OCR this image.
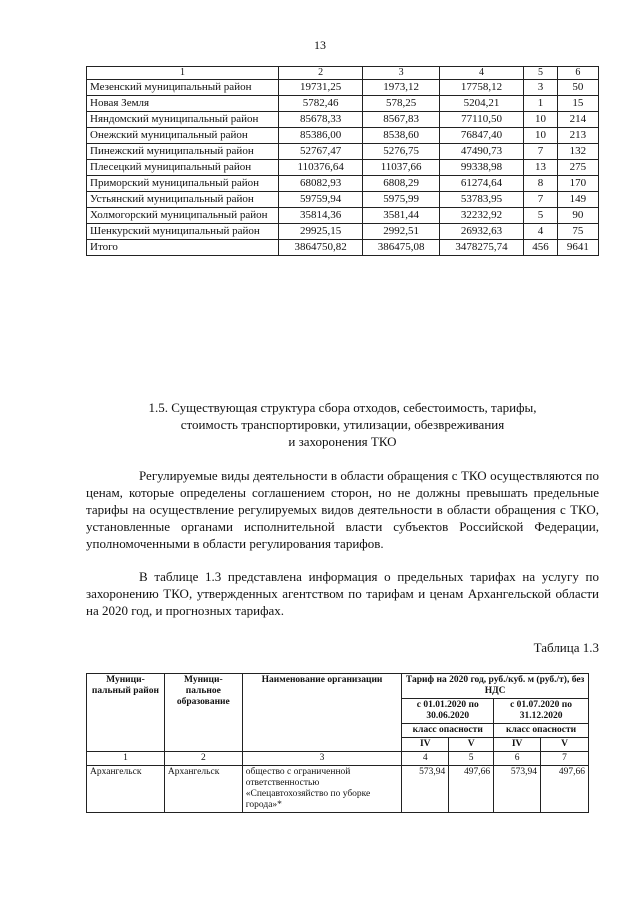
13
1	2	3	4	5	6
Мезенский муниципальный район	19731,25	1973,12	17758,12	3	50
Новая Земля	5782,46	578,25	5204,21	1	15
Няндомский муниципальный район	85678,33	8567,83	77110,50	10	214
Онежский муниципальный район	85386,00	8538,60	76847,40	10	213
Пинежский муниципальный район	52767,47	5276,75	47490,73	7	132
Плесецкий муниципальный район	110376,64	11037,66	99338,98	13	275
Приморский муниципальный район	68082,93	6808,29	61274,64	8	170
Устьянский муниципальный район	59759,94	5975,99	53783,95	7	149
Холмогорский муниципальный район	35814,36	3581,44	32232,92	5	90
Шенкурский муниципальный район	29925,15	2992,51	26932,63	4	75
Итого	3864750,82	386475,08	3478275,74	456	9641
1.5. Существующая структура сбора отходов, себестоимость, тарифы,
стоимость транспортировки, утилизации, обезвреживания
и захоронения ТКО

Регулируемые виды деятельности в области обращения с ТКО осуществляются по ценам, которые определены соглашением сторон, но не должны превышать предельные тарифы на осуществление регулируемых видов деятельности в области обращения с ТКО, установленные органами исполнительной власти субъектов Российской Федерации, уполномоченными в области регулирования тарифов.

В таблице 1.3 представлена информация о предельных тарифах на услугу по захоронению ТКО, утвержденных агентством по тарифам и ценам Архангельской области на 2020 год, и прогнозных тарифах.

Таблица 1.3
Муници-пальный район	Муници-пальное образование	Наименование организации	Тариф на 2020 год, руб./куб. м (руб./т), без НДС			
			с 01.01.2020 по 30.06.2020		с 01.07.2020 по 31.12.2020	
			класс опасности		класс опасности	
			IV	V	IV	V
1	2	3	4	5	6	7
Архангельск	Архангельск	общество с ограниченной ответственностью «Спецавтохозяйство по уборке города»*	573,94	497,66	573,94	497,66
